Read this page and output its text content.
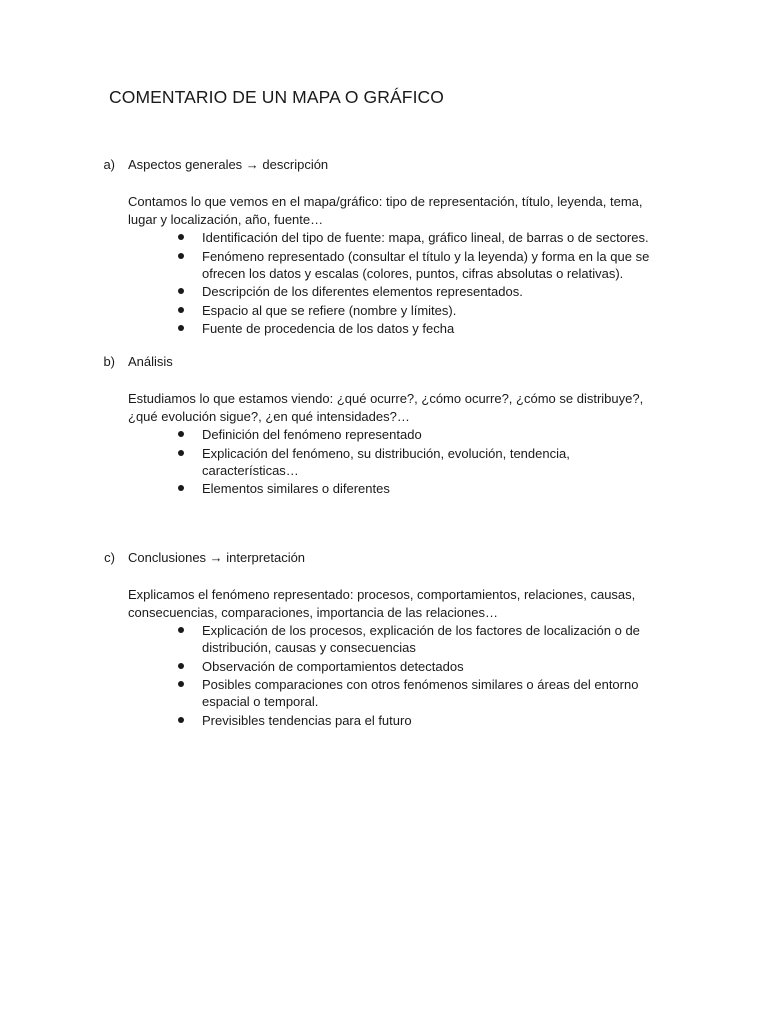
COMENTARIO DE UN MAPA O GRÁFICO
a) Aspectos generales → descripción
Contamos lo que vemos en el mapa/gráfico: tipo de representación, título, leyenda, tema, lugar y localización, año, fuente…
Identificación del tipo de fuente: mapa, gráfico lineal, de barras o de sectores.
Fenómeno representado (consultar el título y la leyenda) y forma en la que se ofrecen los datos y escalas (colores, puntos, cifras absolutas o relativas).
Descripción de los diferentes elementos representados.
Espacio al que se refiere (nombre y límites).
Fuente de procedencia de los datos y fecha
b) Análisis
Estudiamos lo que estamos viendo: ¿qué ocurre?, ¿cómo ocurre?, ¿cómo se distribuye?, ¿qué evolución sigue?, ¿en qué intensidades?…
Definición del fenómeno representado
Explicación del fenómeno, su distribución, evolución, tendencia, características…
Elementos similares o diferentes
c) Conclusiones → interpretación
Explicamos el fenómeno representado: procesos, comportamientos, relaciones, causas, consecuencias, comparaciones, importancia de las relaciones…
Explicación de los procesos, explicación de los factores de localización o de distribución, causas y consecuencias
Observación de comportamientos detectados
Posibles comparaciones con otros fenómenos similares o áreas del entorno espacial o temporal.
Previsibles tendencias para el futuro
